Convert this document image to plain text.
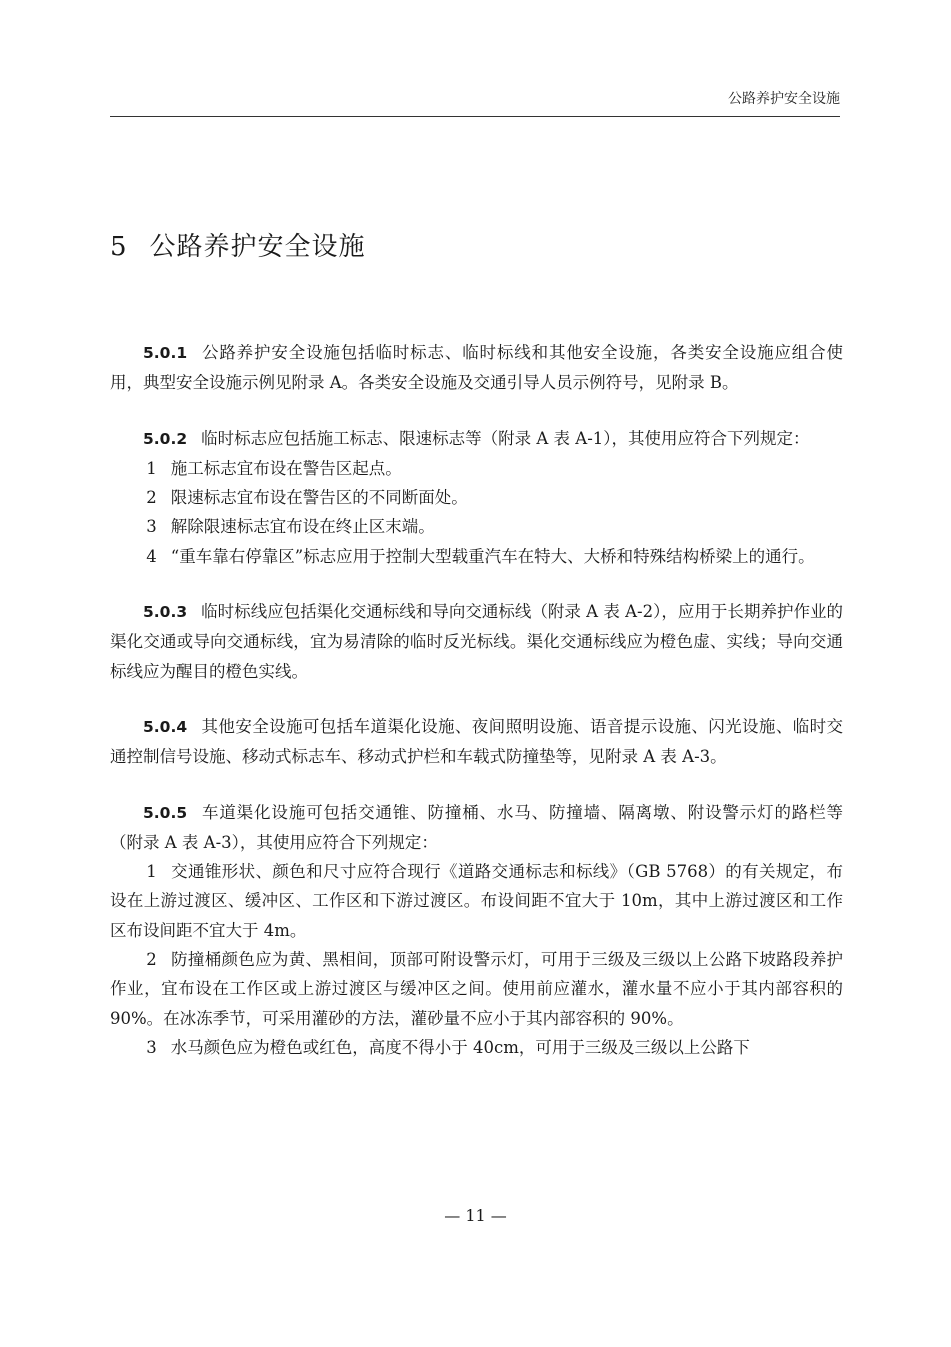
公路养护安全设施
5 公路养护安全设施

5.0.1 公路养护安全设施包括临时标志、临时标线和其他安全设施，各类安全设施应组合使用，典型安全设施示例见附录 A。各类安全设施及交通引导人员示例符号，见附录 B。

5.0.2 临时标志应包括施工标志、限速标志等（附录 A 表 A-1），其使用应符合下列规定：

1 施工标志宜布设在警告区起点。

2 限速标志宜布设在警告区的不同断面处。

3 解除限速标志宜布设在终止区末端。

4 “重车靠右停靠区”标志应用于控制大型载重汽车在特大、大桥和特殊结构桥梁上的通行。

5.0.3 临时标线应包括渠化交通标线和导向交通标线（附录 A 表 A-2），应用于长期养护作业的渠化交通或导向交通标线，宜为易清除的临时反光标线。渠化交通标线应为橙色虚、实线；导向交通标线应为醒目的橙色实线。

5.0.4 其他安全设施可包括车道渠化设施、夜间照明设施、语音提示设施、闪光设施、临时交通控制信号设施、移动式标志车、移动式护栏和车载式防撞垫等，见附录 A 表 A-3。

5.0.5 车道渠化设施可包括交通锥、防撞桶、水马、防撞墙、隔离墩、附设警示灯的路栏等（附录 A 表 A-3），其使用应符合下列规定：

1 交通锥形状、颜色和尺寸应符合现行《道路交通标志和标线》（GB 5768）的有关规定，布设在上游过渡区、缓冲区、工作区和下游过渡区。布设间距不宜大于 10m，其中上游过渡区和工作区布设间距不宜大于 4m。

2 防撞桶颜色应为黄、黑相间，顶部可附设警示灯，可用于三级及三级以上公路下坡路段养护作业，宜布设在工作区或上游过渡区与缓冲区之间。使用前应灌水，灌水量不应小于其内部容积的 90%。在冰冻季节，可采用灌砂的方法，灌砂量不应小于其内部容积的 90%。

3 水马颜色应为橙色或红色，高度不得小于 40cm，可用于三级及三级以上公路下

— 11 —
